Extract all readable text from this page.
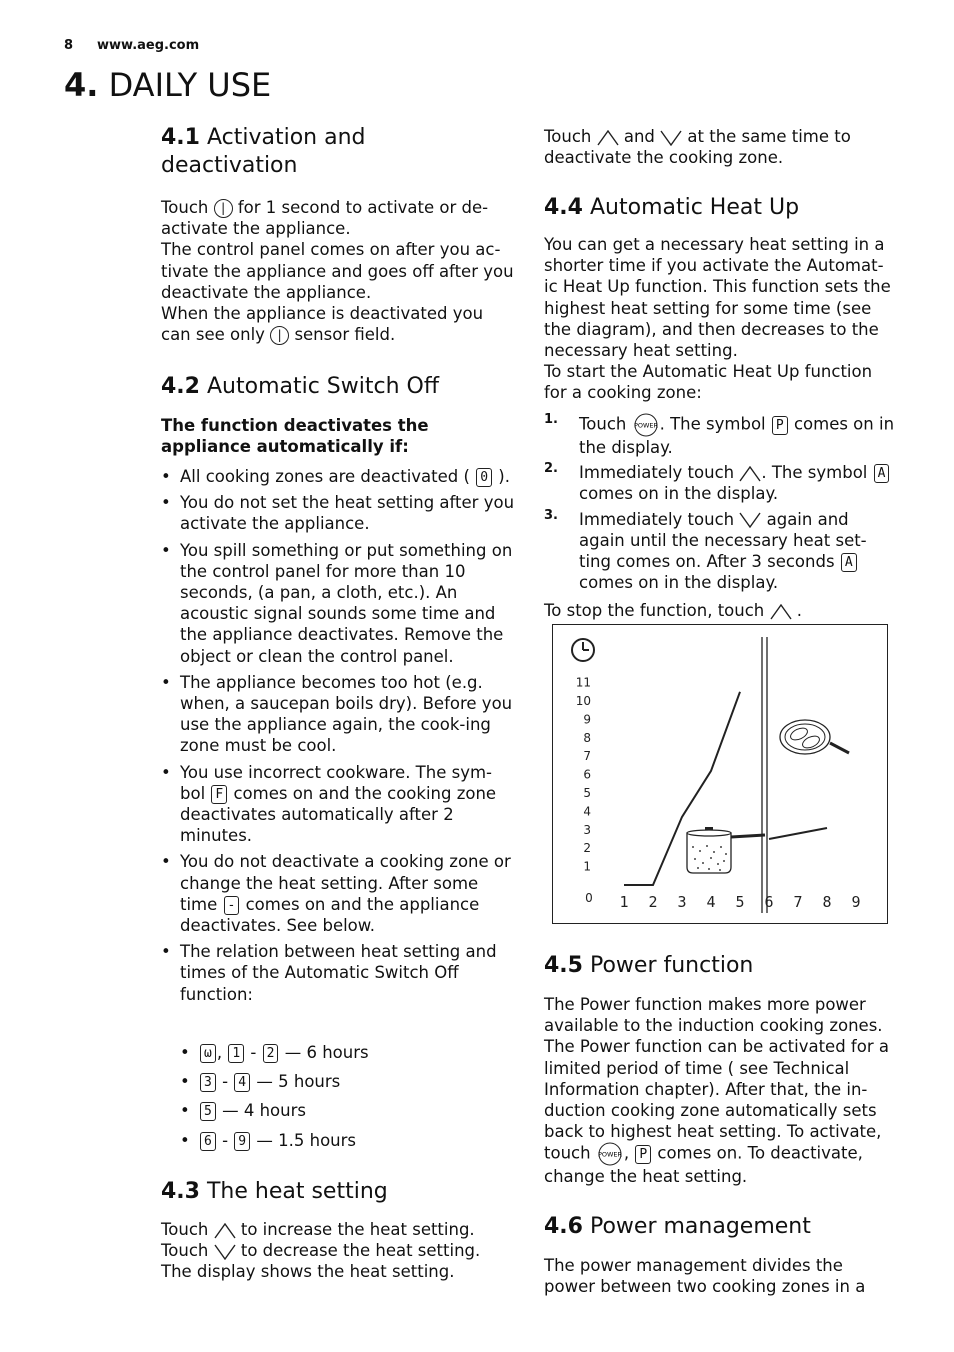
8 www.aeg.com
4. DAILY USE
4.1 Activation and
deactivation
Touch | for 1 second to activate or de-activate the appliance.
The control panel comes on after you ac-tivate the appliance and goes off after you deactivate the appliance.
When the appliance is deactivated you can see only | sensor field.
4.2 Automatic Switch Off
The function deactivates the appliance automatically if:
• All cooking zones are deactivated ( 0 ).
• You do not set the heat setting after you activate the appliance.
• You spill something or put something on the control panel for more than 10 seconds, (a pan, a cloth, etc.). An acoustic signal sounds some time and the appliance deactivates. Remove the object or clean the control panel.
• The appliance becomes too hot (e.g. when, a saucepan boils dry). Before you use the appliance again, the cook-ing zone must be cool.
• You use incorrect cookware. The sym-bol F comes on and the cooking zone deactivates automatically after 2 minutes.
• You do not deactivate a cooking zone or change the heat setting. After some time - comes on and the appliance deactivates. See below.
• The relation between heat setting and times of the Automatic Switch Off function:
• ω , 1 - 2 — 6 hours
• 3 - 4 — 5 hours
• 5 — 4 hours
• 6 - 9 — 1.5 hours
4.3 The heat setting
Touch to increase the heat setting.
Touch to decrease the heat setting.
The display shows the heat setting.
Touch and at the same time to deactivate the cooking zone.
4.4 Automatic Heat Up
You can get a necessary heat setting in a shorter time if you activate the Automat-ic Heat Up function. This function sets the highest heat setting for some time (see the diagram), and then decreases to the necessary heat setting.
To start the Automatic Heat Up function for a cooking zone:
1. Touch POWER . The symbol P comes on in the display.
2. Immediately touch . The symbol A comes on in the display.
3. Immediately touch again and again until the necessary heat set-ting comes on. After 3 seconds A comes on in the display.
To stop the function, touch .
0
1
2
3
4
5
6
7
8
9
10
11
1 2 3 4 5 6 7 8 9
4.5 Power function
The Power function makes more power available to the induction cooking zones. The Power function can be activated for a limited period of time ( see Technical Information chapter). After that, the in-duction cooking zone automatically sets back to highest heat setting. To activate, touch POWER , P comes on. To deactivate, change the heat setting.
4.6 Power management
The power management divides the power between two cooking zones in a
